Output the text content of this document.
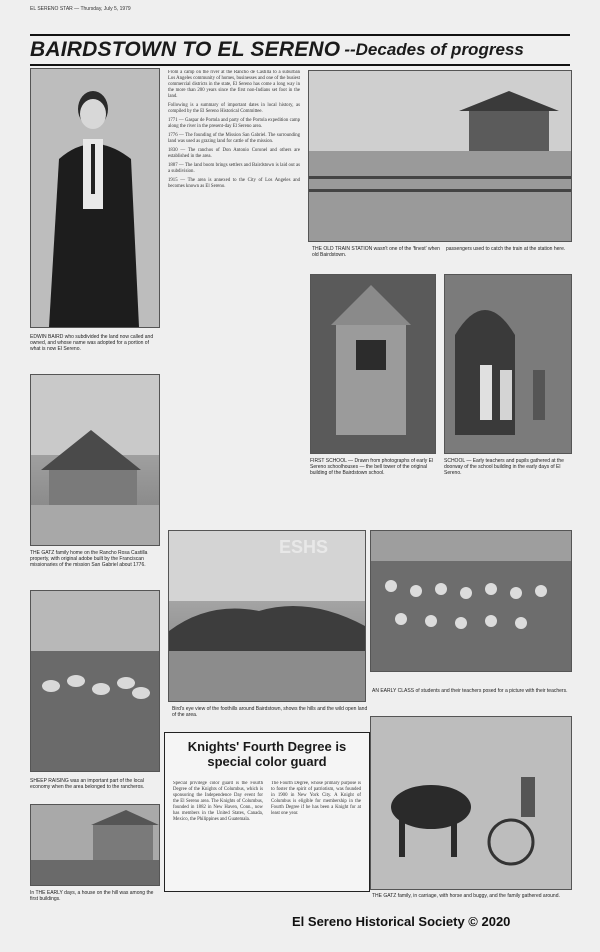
EL SERENO STAR — Thursday, July 5, 1979
BAIRDSTOWN TO EL SERENO --Decades of progress
EDWIN BAIRD who subdivided the land now called and owned, and whose name was adopted for a portion of what is now El Sereno.

From a camp on the river at the Rancho de Castilla to a suburban Los Angeles community of homes, businesses and one of the busiest commercial districts in the state, El Sereno has come a long way in the more than 200 years since the first non-Indians set foot in the land.

Following is a summary of important dates in local history, as compiled by the El Sereno Historical Committee.

1771 — Gaspar de Portola and party of the Portola expedition camp along the river in the present-day El Sereno area.

1776 — The founding of the Mission San Gabriel. The surrounding land was used as grazing land for cattle of the mission.

1830 — The ranchos of Don Antonio Coronel and others are established in the area.

1887 — The land boom brings settlers and Bairdstown is laid out as a subdivision.

1915 — The area is annexed to the City of Los Angeles and becomes known as El Sereno.

THE OLD TRAIN STATION wasn't one of the 'finest' when old Bairdstown.
passengers used to catch the train at the station here.
THE GATZ family home on the Rancho Rosa Castilla property, with original adobe built by the Franciscan missionaries of the mission San Gabriel about 1776.
FIRST SCHOOL — Drawn from photographs of early El Sereno schoolhouses — the bell tower of the original building of the Bairdstown school.
SCHOOL — Early teachers and pupils gathered at the doorway of the school building in the early days of El Sereno.
ESHS
Bird's eye view of the foothills around Bairdstown, shows the hills and the wild open land of the area.
AN EARLY CLASS of students and their teachers posed for a picture with their teachers.
SHEEP RAISING was an important part of the local economy when the area belonged to the rancheros.
Knights' Fourth Degree is special color guard
Special privilege color guard is the Fourth Degree of the Knights of Columbus, which is sponsoring the Independence Day event for the El Sereno area. The Knights of Columbus, founded in 1882 in New Haven, Conn., now has members in the United States, Canada, Mexico, the Philippines and Guatemala.
The Fourth Degree, whose primary purpose is to foster the spirit of patriotism, was founded in 1900 in New York City. A Knight of Columbus is eligible for membership in the Fourth Degree if he has been a Knight for at least one year.
In THE EARLY days, a house on the hill was among the first buildings.	THE GATZ family, in carriage, with horse and buggy, and the family gathered around.
El Sereno Historical Society © 2020
